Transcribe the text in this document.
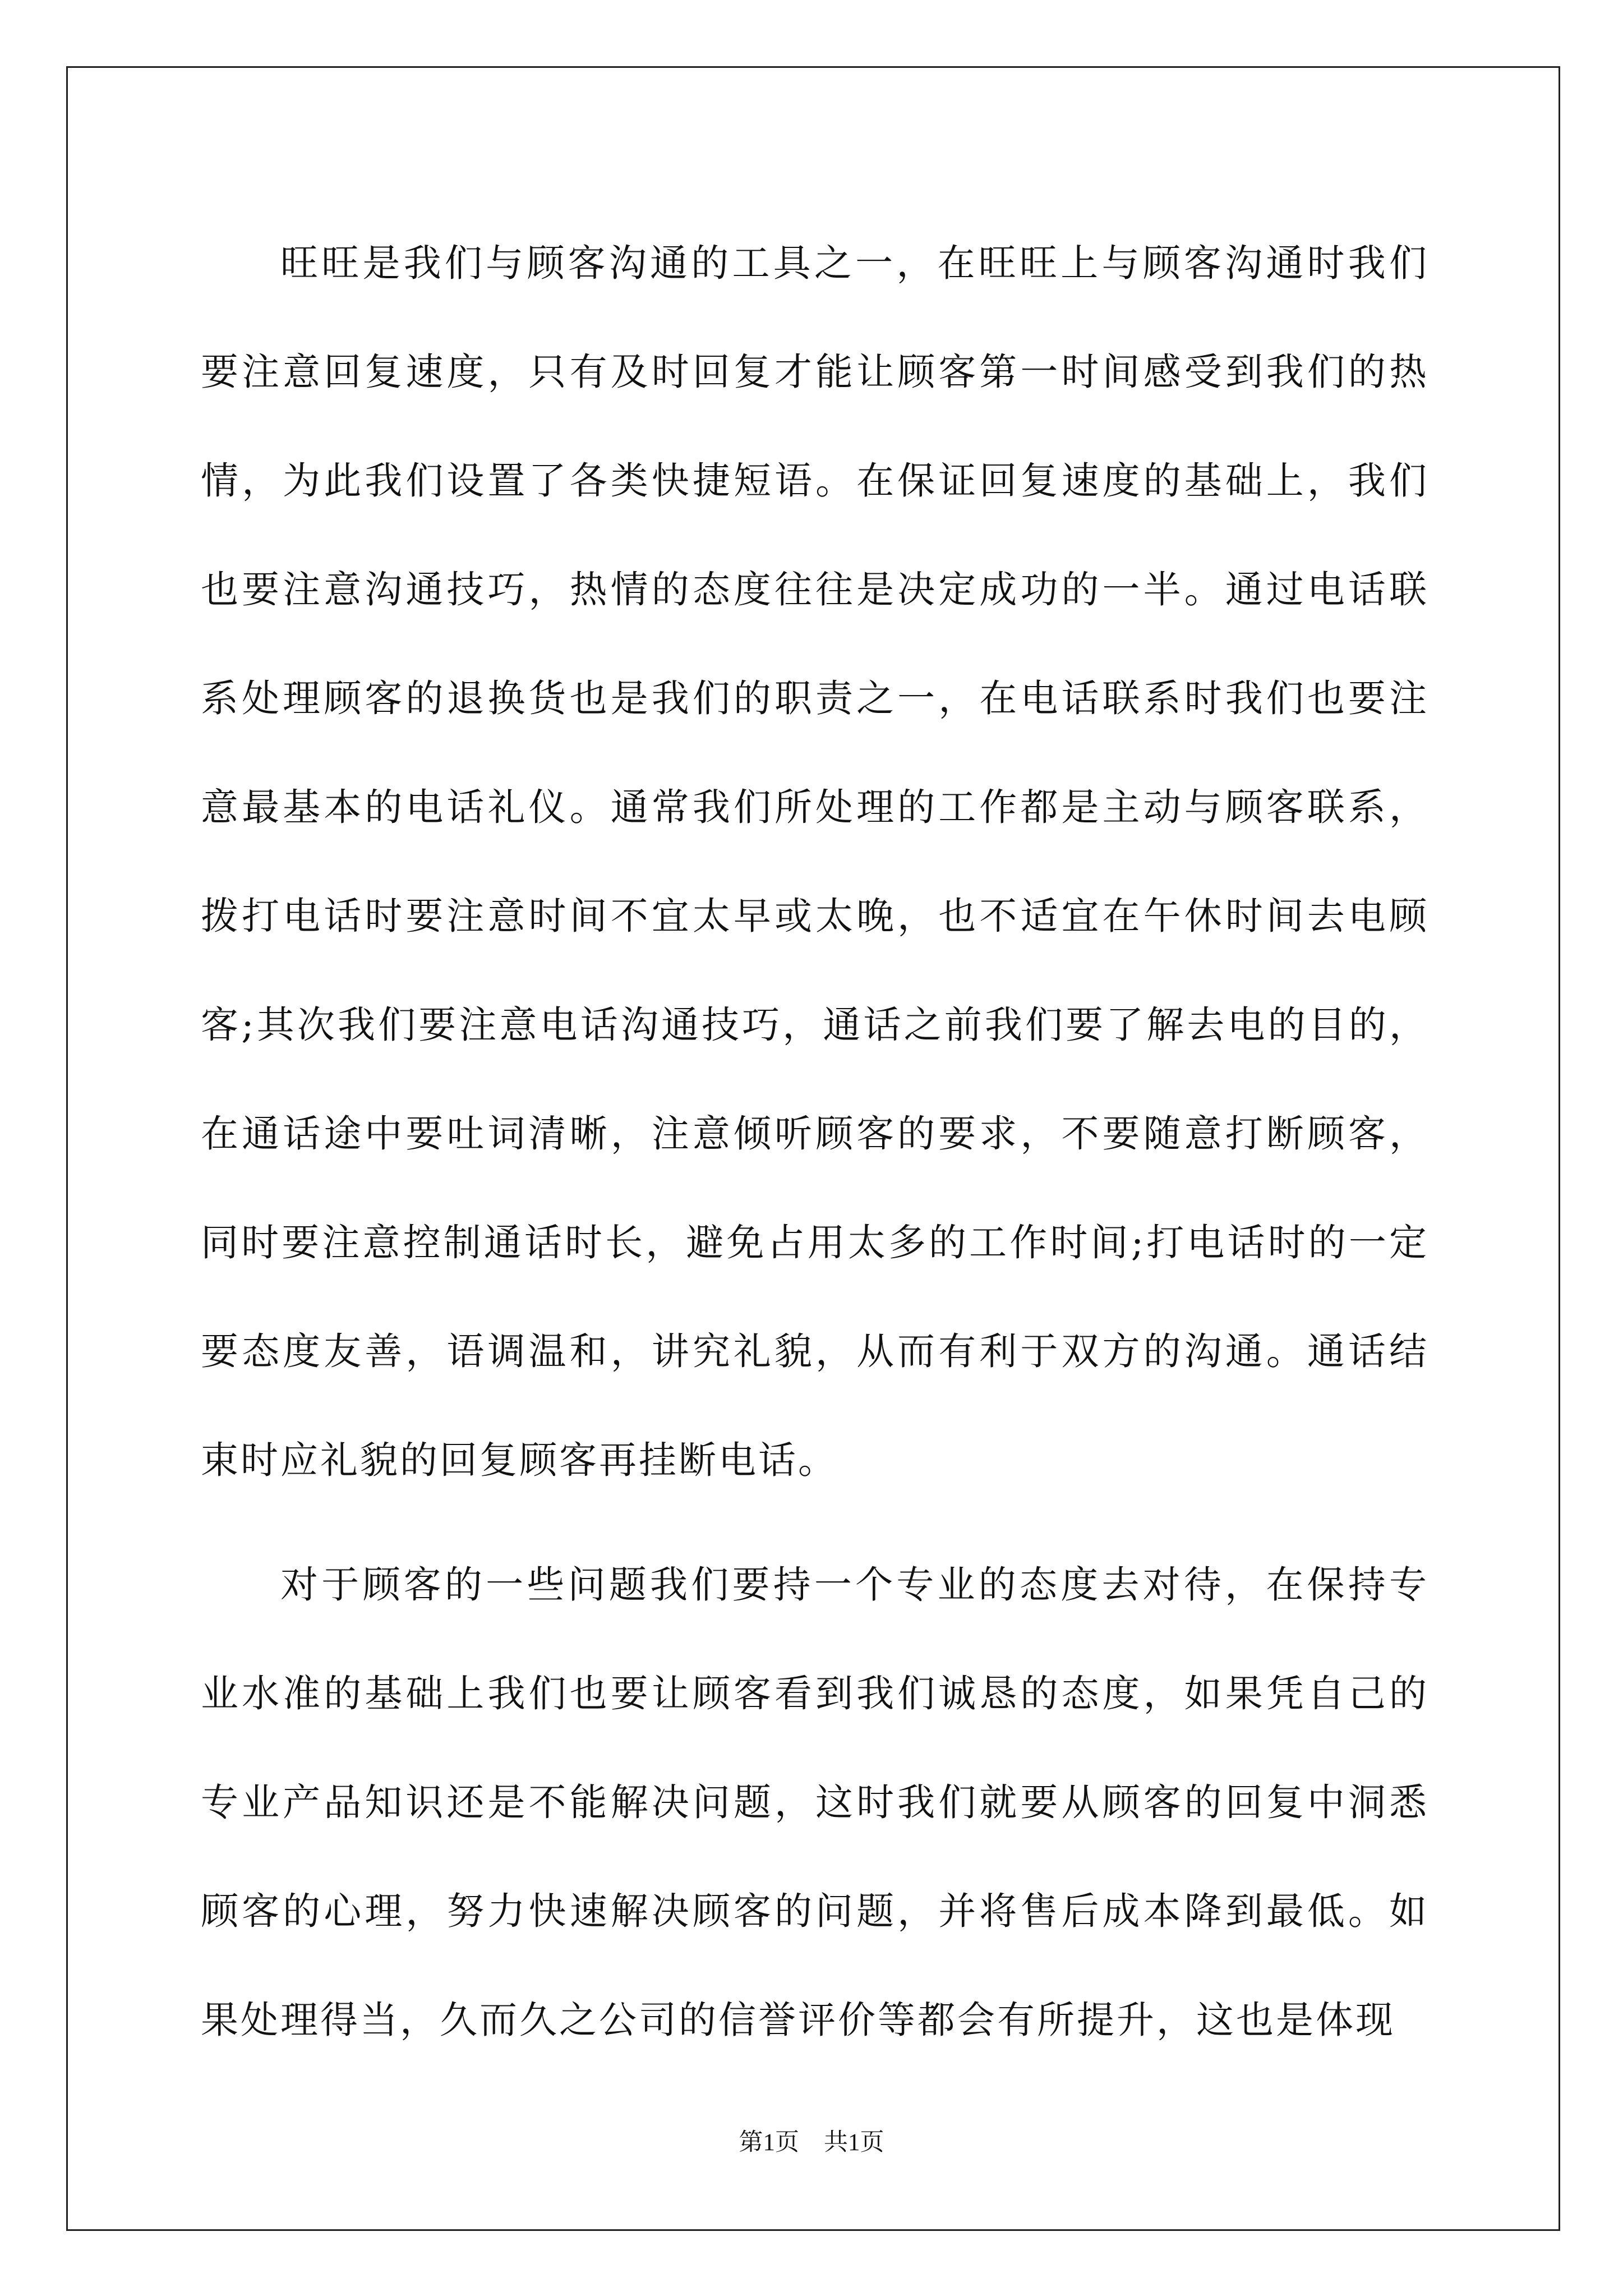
旺旺是我们与顾客沟通的工具之一，在旺旺上与顾客沟通时我们要注意回复速度，只有及时回复才能让顾客第一时间感受到我们的热情，为此我们设置了各类快捷短语。在保证回复速度的基础上，我们也要注意沟通技巧，热情的态度往往是决定成功的一半。通过电话联系处理顾客的退换货也是我们的职责之一，在电话联系时我们也要注意最基本的电话礼仪。通常我们所处理的工作都是主动与顾客联系，拨打电话时要注意时间不宜太早或太晚，也不适宜在午休时间去电顾客;其次我们要注意电话沟通技巧，通话之前我们要了解去电的目的，在通话途中要吐词清晰，注意倾听顾客的要求，不要随意打断顾客，同时要注意控制通话时长，避免占用太多的工作时间;打电话时的一定要态度友善，语调温和，讲究礼貌，从而有利于双方的沟通。通话结束时应礼貌的回复顾客再挂断电话。

对于顾客的一些问题我们要持一个专业的态度去对待，在保持专业水准的基础上我们也要让顾客看到我们诚恳的态度，如果凭自己的专业产品知识还是不能解决问题，这时我们就要从顾客的回复中洞悉顾客的心理，努力快速解决顾客的问题，并将售后成本降到最低。如果处理得当，久而久之公司的信誉评价等都会有所提升，这也是体现

第1页 共1页
